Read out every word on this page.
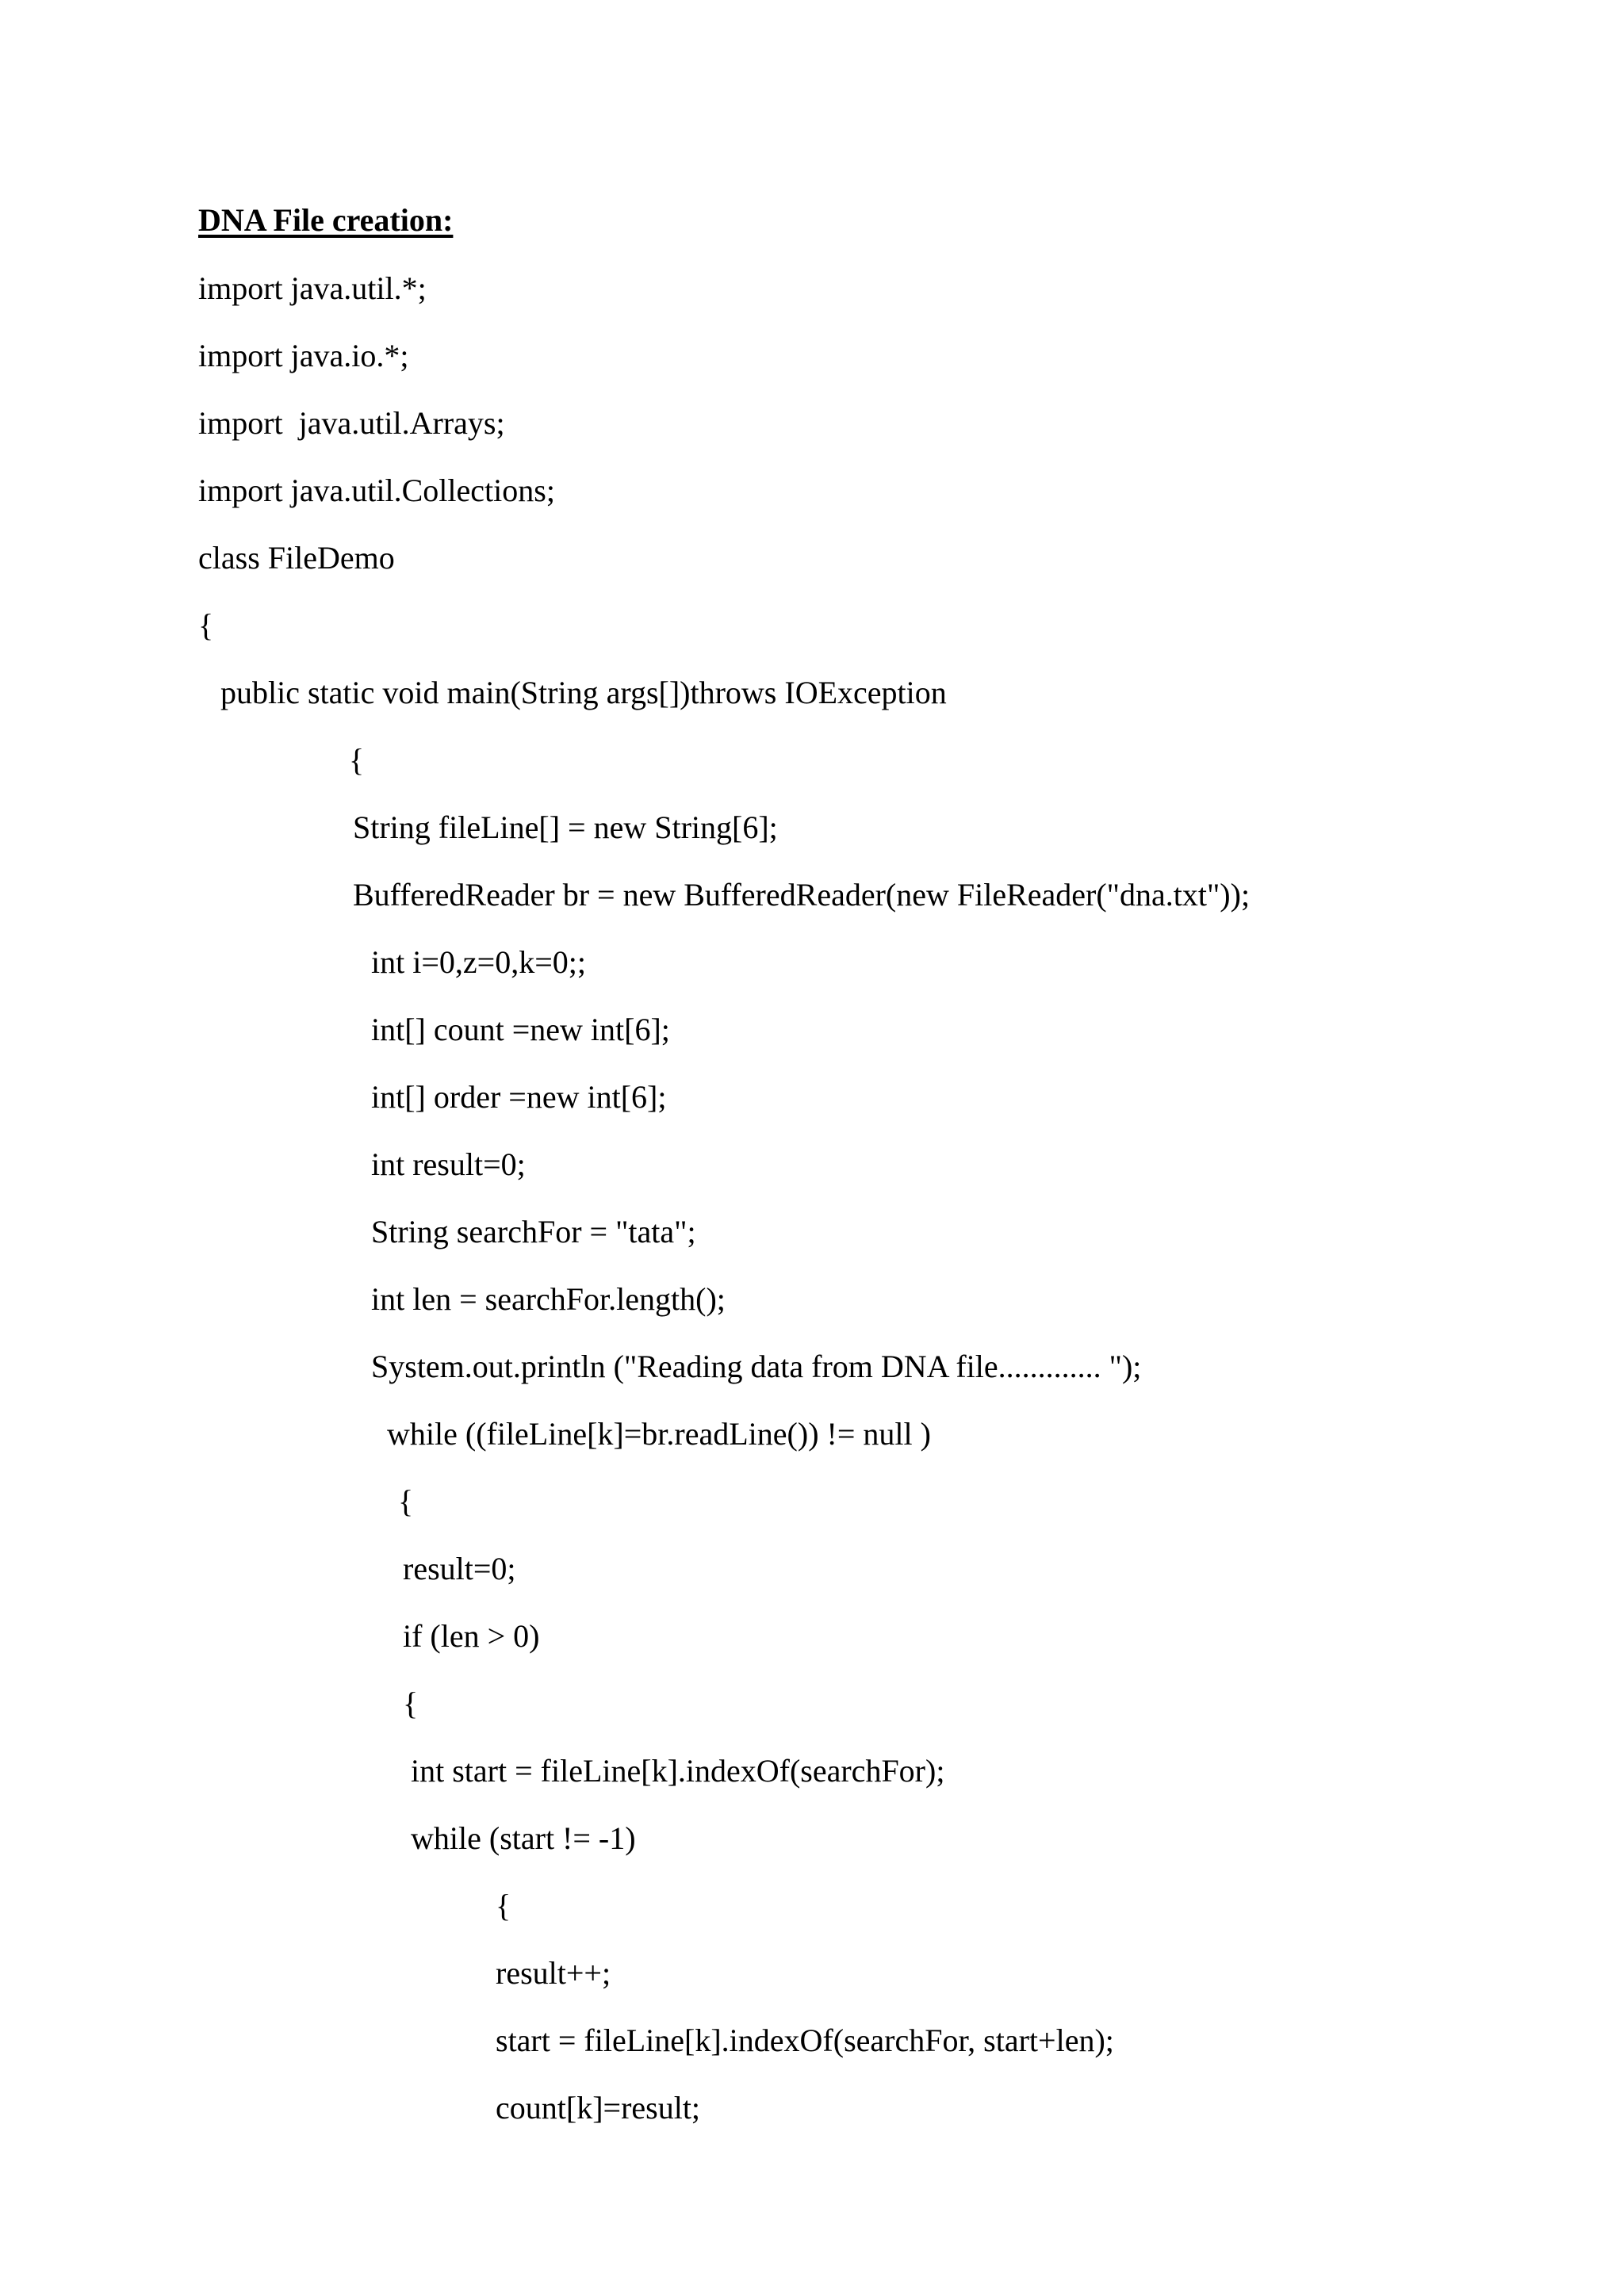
DNA File creation:

import java.util.*;

import java.io.*;

import  java.util.Arrays;

import java.util.Collections;

class FileDemo

{

public static void main(String args[])throws IOException

{

String fileLine[] = new String[6];

BufferedReader br = new BufferedReader(new FileReader("dna.txt"));

int i=0,z=0,k=0;;

int[] count =new int[6];

int[] order =new int[6];

int result=0;

String searchFor = "tata";

int len = searchFor.length();

System.out.println ("Reading data from DNA file............. ");

while ((fileLine[k]=br.readLine()) != null )

{

result=0;

if (len > 0)

{

int start = fileLine[k].indexOf(searchFor);

while (start != -1)

{

result++;

start = fileLine[k].indexOf(searchFor, start+len);

count[k]=result;
